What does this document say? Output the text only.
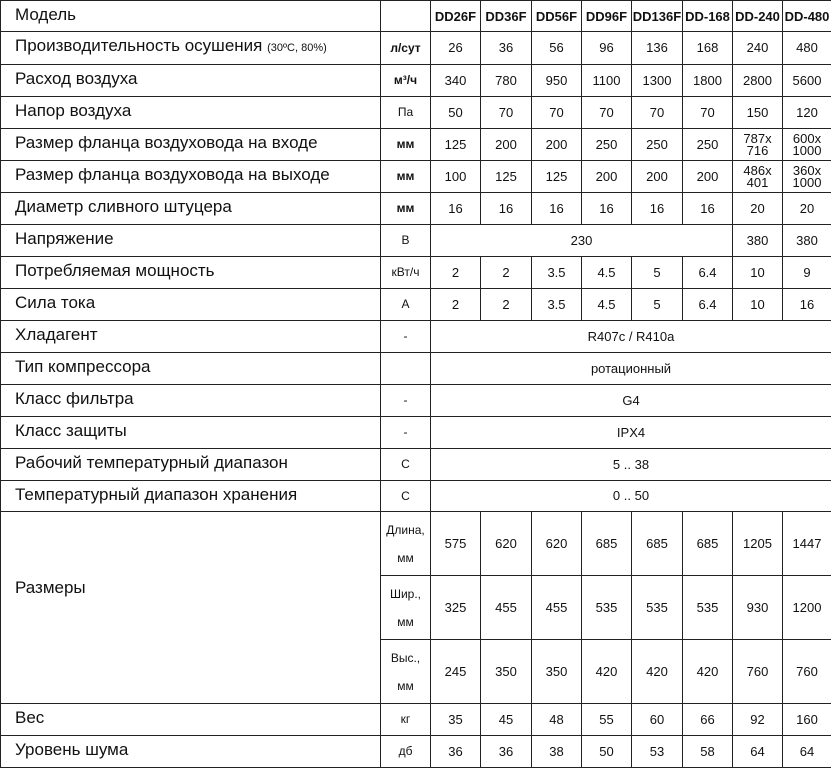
Модель		DD26F	DD36F	DD56F	DD96F	DD136F	DD-168	DD-240	DD-480
Производительность осушения (30ºC, 80%)	л/сут	26	36	56	96	136	168	240	480
Расход воздуха	м³/ч	340	780	950	1100	1300	1800	2800	5600
Напор воздуха	Па	50	70	70	70	70	70	150	120
Размер фланца воздуховода на входе	мм	125	200	200	250	250	250	787x 716	600x 1000
Размер фланца воздуховода на выходе	мм	100	125	125	200	200	200	486x 401	360x 1000
Диаметр сливного штуцера	мм	16	16	16	16	16	16	20	20
Напряжение	В	230						380	380
Потребляемая мощность	кВт/ч	2	2	3.5	4.5	5	6.4	10	9
Сила тока	А	2	2	3.5	4.5	5	6.4	10	16
Хладагент	-	R407c / R410a							
Тип компрессора		ротационный							
Класс фильтра	-	G4							
Класс защиты	-	IPX4							
Рабочий температурный диапазон	С	5 .. 38							
Температурный диапазон хранения	С	0 .. 50							
Размеры	Длина, мм	575	620	620	685	685	685	1205	1447
	Шир., мм	325	455	455	535	535	535	930	1200
	Выс., мм	245	350	350	420	420	420	760	760
Вес	кг	35	45	48	55	60	66	92	160
Уровень шума	дб	36	36	38	50	53	58	64	64
